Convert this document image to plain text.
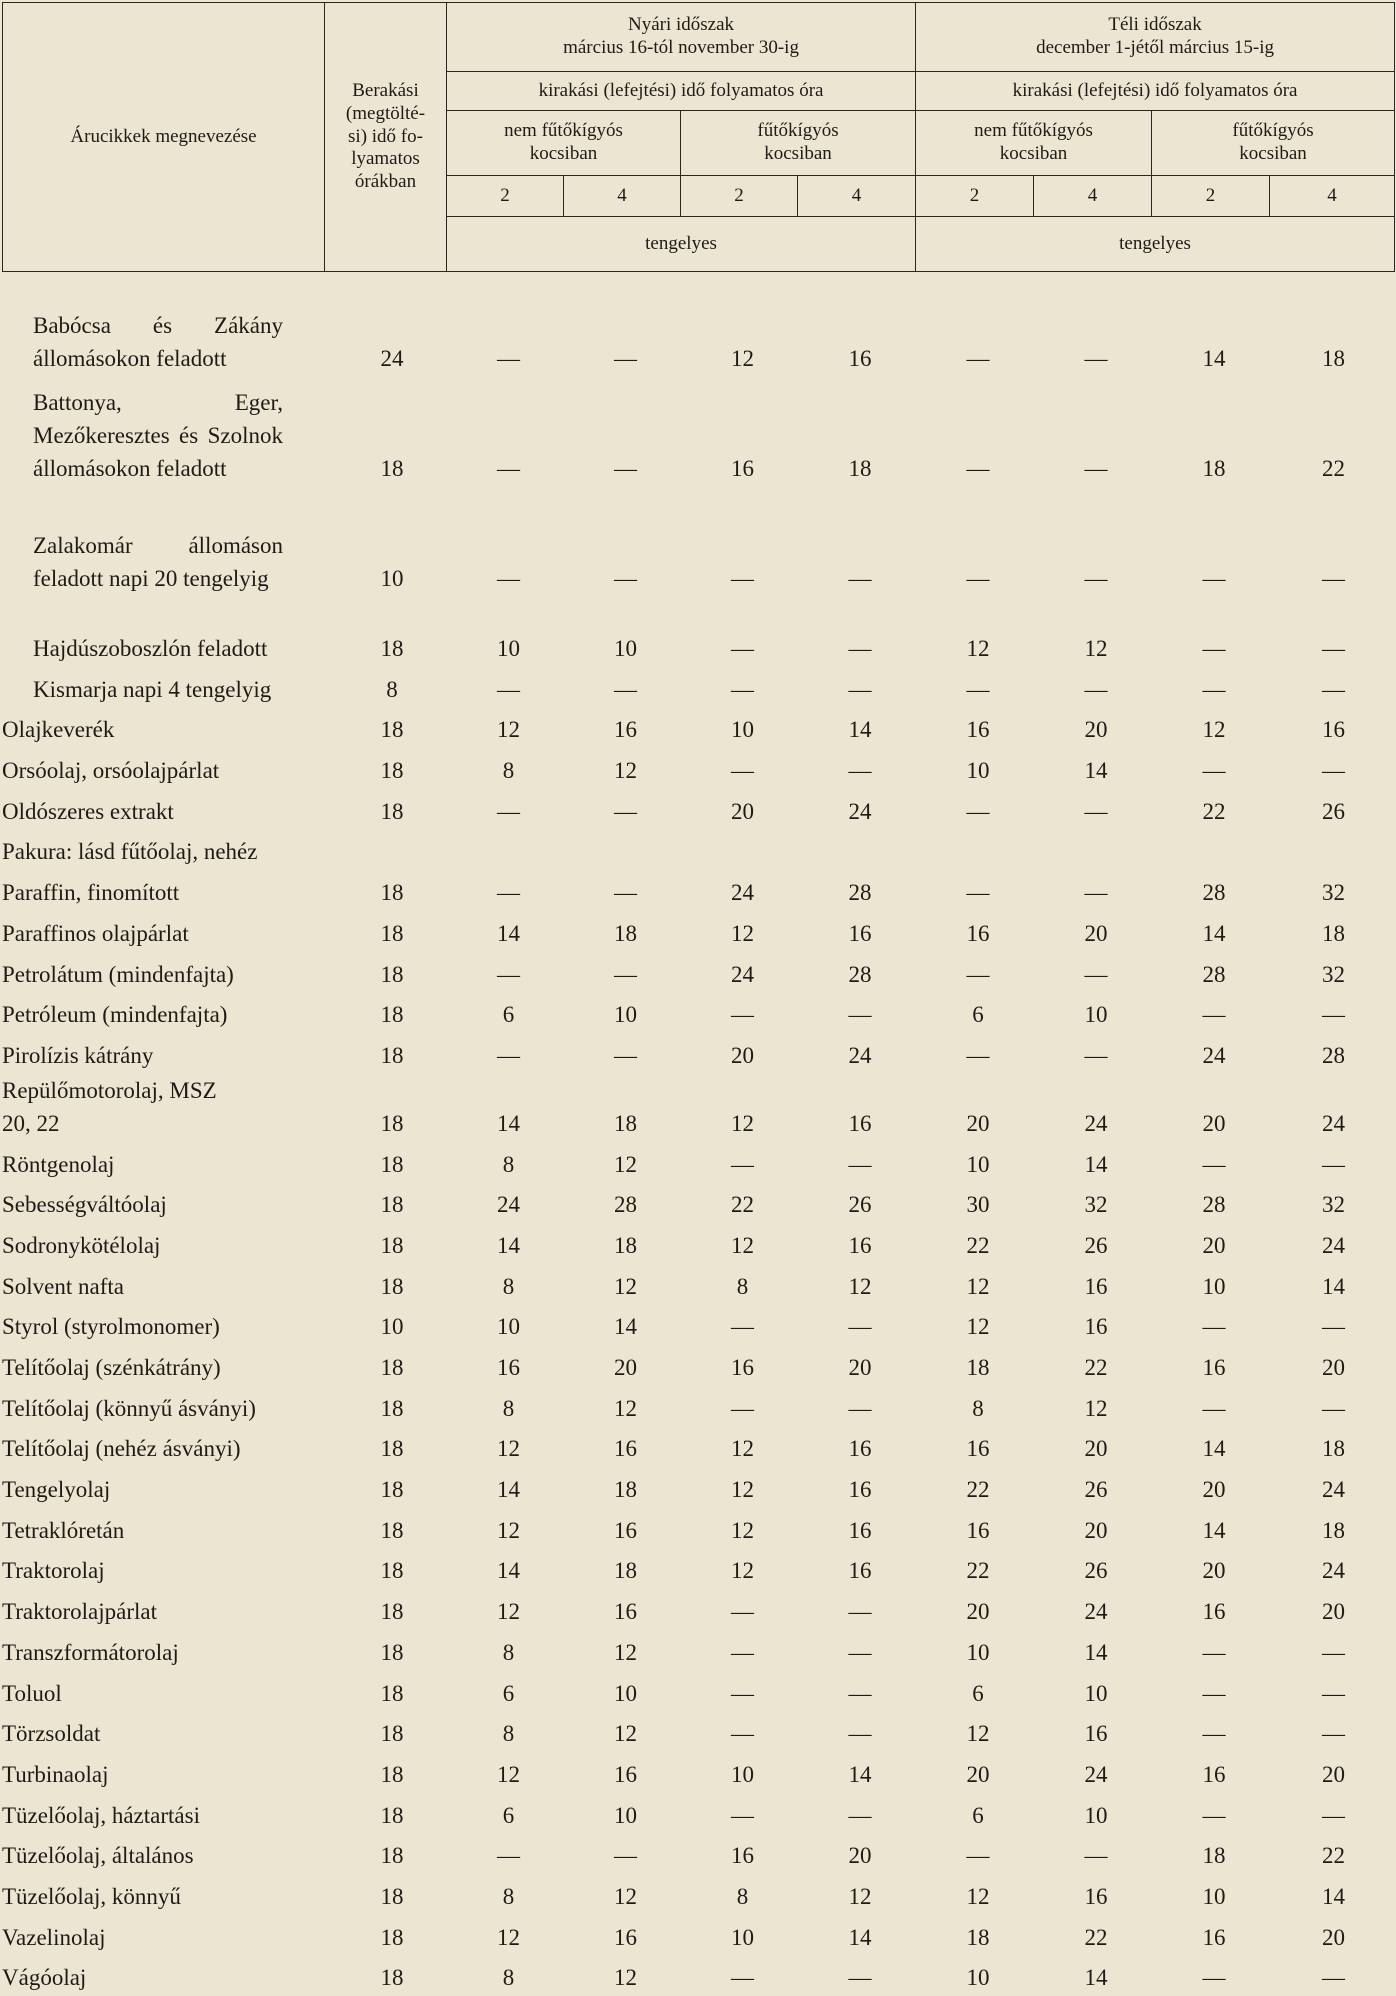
Árucikkek megnevezése	Berakási
(megtölté-
si) idő fo-
lyamatos
órákban	Nyári időszak
március 16-tól november 30-ig				Téli időszak
december 1-jétől március 15-ig			
		kirakási (lefejtési) idő folyamatos óra				kirakási (lefejtési) idő folyamatos óra			
		nem fűtőkígyós
kocsiban		fűtőkígyós
kocsiban		nem fűtőkígyós
kocsiban		fűtőkígyós
kocsiban	
		2	4	2	4	2	4	2	4
		tengelyes				tengelyes			
Babócsa és Zákány állomásokon feladott	24	—	—	12	16	—	—	14	18
Battonya, Eger, Mezőkeresztes és Szolnok állomásokon feladott	18	—	—	16	18	—	—	18	22
Zalakomár állomáson feladott napi 20 tengelyig	10	—	—	—	—	—	—	—	—
Hajdúszoboszlón feladott	18	10	10	—	—	12	12	—	—
Kismarja napi 4 tengelyig	8	—	—	—	—	—	—	—	—
Olajkeverék	18	12	16	10	14	16	20	12	16
Orsóolaj, orsóolajpárlat	18	8	12	—	—	10	14	—	—
Oldószeres extrakt	18	—	—	20	24	—	—	22	26
Pakura: lásd fűtőolaj, nehéz									
Paraffin, finomított	18	—	—	24	28	—	—	28	32
Paraffinos olajpárlat	18	14	18	12	16	16	20	14	18
Petrolátum (mindenfajta)	18	—	—	24	28	—	—	28	32
Petróleum (mindenfajta)	18	6	10	—	—	6	10	—	—
Pirolízis kátrány	18	—	—	20	24	—	—	24	28
Repülőmotorolaj, MSZ 20, 22	18	14	18	12	16	20	24	20	24
Röntgenolaj	18	8	12	—	—	10	14	—	—
Sebességváltóolaj	18	24	28	22	26	30	32	28	32
Sodronykötélolaj	18	14	18	12	16	22	26	20	24
Solvent nafta	18	8	12	8	12	12	16	10	14
Styrol (styrolmonomer)	10	10	14	—	—	12	16	—	—
Telítőolaj (szénkátrány)	18	16	20	16	20	18	22	16	20
Telítőolaj (könnyű ásványi)	18	8	12	—	—	8	12	—	—
Telítőolaj (nehéz ásványi)	18	12	16	12	16	16	20	14	18
Tengelyolaj	18	14	18	12	16	22	26	20	24
Tetraklóretán	18	12	16	12	16	16	20	14	18
Traktorolaj	18	14	18	12	16	22	26	20	24
Traktorolajpárlat	18	12	16	—	—	20	24	16	20
Transzformátorolaj	18	8	12	—	—	10	14	—	—
Toluol	18	6	10	—	—	6	10	—	—
Törzsoldat	18	8	12	—	—	12	16	—	—
Turbinaolaj	18	12	16	10	14	20	24	16	20
Tüzelőolaj, háztartási	18	6	10	—	—	6	10	—	—
Tüzelőolaj, általános	18	—	—	16	20	—	—	18	22
Tüzelőolaj, könnyű	18	8	12	8	12	12	16	10	14
Vazelinolaj	18	12	16	10	14	18	22	16	20
Vágóolaj	18	8	12	—	—	10	14	—	—
